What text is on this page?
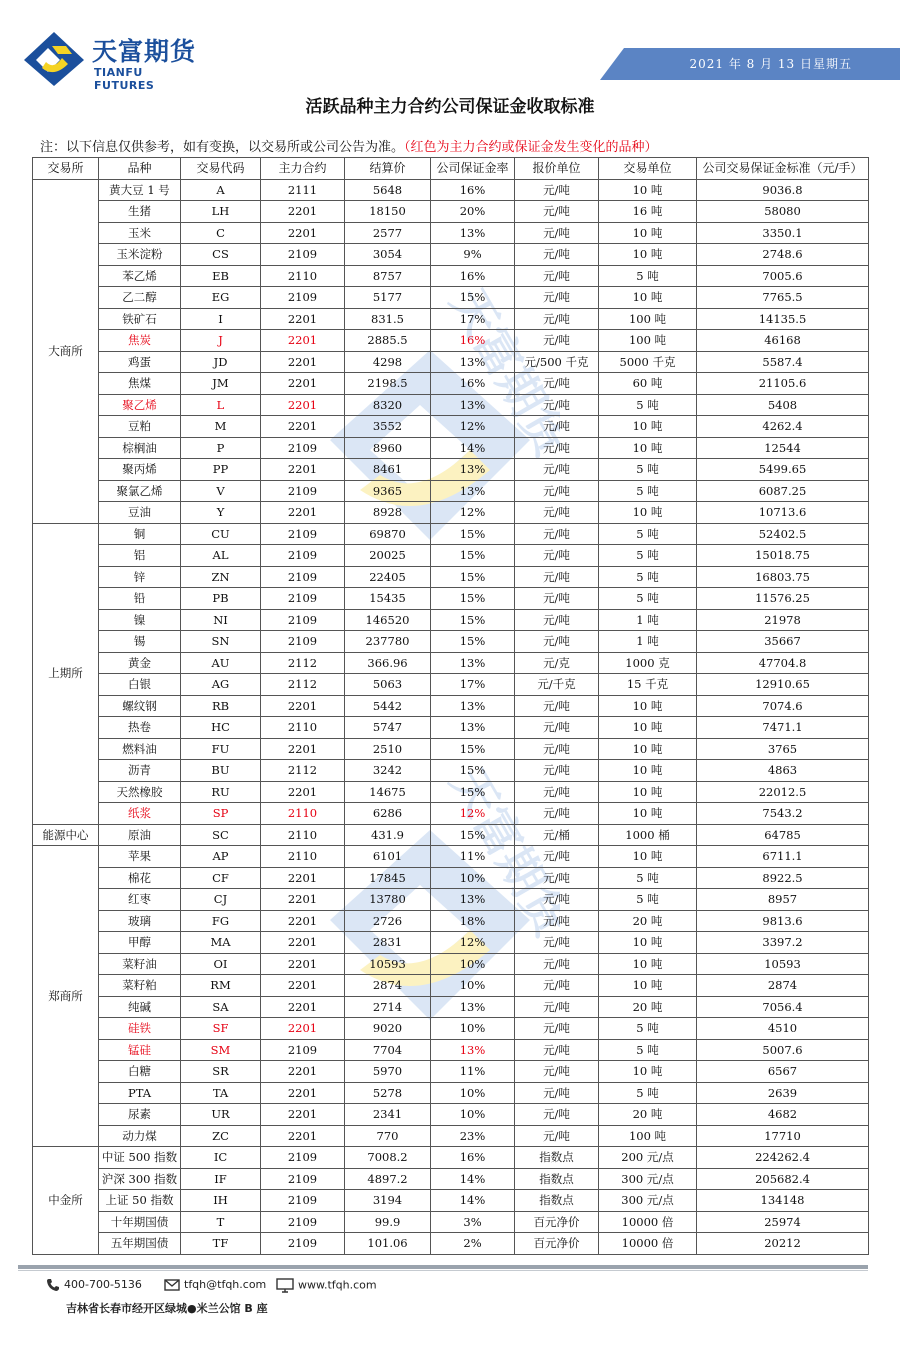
天富期货
TIANFU FUTURES
2021 年 8 月 13 日星期五
活跃品种主力合约公司保证金收取标准
注：以下信息仅供参考，如有变换，以交易所或公司公告为准。（红色为主力合约或保证金发生变化的品种）
天富期货
天富期货
交易所	品种	交易代码	主力合约	结算价	公司保证金率	报价单位	交易单位	公司交易保证金标准（元/手）
大商所	黄大豆 1 号	A	2111	5648	16%	元/吨	10 吨	9036.8
	生猪	LH	2201	18150	20%	元/吨	16 吨	58080
	玉米	C	2201	2577	13%	元/吨	10 吨	3350.1
	玉米淀粉	CS	2109	3054	9%	元/吨	10 吨	2748.6
	苯乙烯	EB	2110	8757	16%	元/吨	5 吨	7005.6
	乙二醇	EG	2109	5177	15%	元/吨	10 吨	7765.5
	铁矿石	I	2201	831.5	17%	元/吨	100 吨	14135.5
	焦炭	J	2201	2885.5	16%	元/吨	100 吨	46168
	鸡蛋	JD	2201	4298	13%	元/500 千克	5000 千克	5587.4
	焦煤	JM	2201	2198.5	16%	元/吨	60 吨	21105.6
	聚乙烯	L	2201	8320	13%	元/吨	5 吨	5408
	豆粕	M	2201	3552	12%	元/吨	10 吨	4262.4
	棕榈油	P	2109	8960	14%	元/吨	10 吨	12544
	聚丙烯	PP	2201	8461	13%	元/吨	5 吨	5499.65
	聚氯乙烯	V	2109	9365	13%	元/吨	5 吨	6087.25
	豆油	Y	2201	8928	12%	元/吨	10 吨	10713.6
上期所	铜	CU	2109	69870	15%	元/吨	5 吨	52402.5
	铝	AL	2109	20025	15%	元/吨	5 吨	15018.75
	锌	ZN	2109	22405	15%	元/吨	5 吨	16803.75
	铅	PB	2109	15435	15%	元/吨	5 吨	11576.25
	镍	NI	2109	146520	15%	元/吨	1 吨	21978
	锡	SN	2109	237780	15%	元/吨	1 吨	35667
	黄金	AU	2112	366.96	13%	元/克	1000 克	47704.8
	白银	AG	2112	5063	17%	元/千克	15 千克	12910.65
	螺纹钢	RB	2201	5442	13%	元/吨	10 吨	7074.6
	热卷	HC	2110	5747	13%	元/吨	10 吨	7471.1
	燃料油	FU	2201	2510	15%	元/吨	10 吨	3765
	沥青	BU	2112	3242	15%	元/吨	10 吨	4863
	天然橡胶	RU	2201	14675	15%	元/吨	10 吨	22012.5
	纸浆	SP	2110	6286	12%	元/吨	10 吨	7543.2
能源中心	原油	SC	2110	431.9	15%	元/桶	1000 桶	64785
郑商所	苹果	AP	2110	6101	11%	元/吨	10 吨	6711.1
	棉花	CF	2201	17845	10%	元/吨	5 吨	8922.5
	红枣	CJ	2201	13780	13%	元/吨	5 吨	8957
	玻璃	FG	2201	2726	18%	元/吨	20 吨	9813.6
	甲醇	MA	2201	2831	12%	元/吨	10 吨	3397.2
	菜籽油	OI	2201	10593	10%	元/吨	10 吨	10593
	菜籽粕	RM	2201	2874	10%	元/吨	10 吨	2874
	纯碱	SA	2201	2714	13%	元/吨	20 吨	7056.4
	硅铁	SF	2201	9020	10%	元/吨	5 吨	4510
	锰硅	SM	2109	7704	13%	元/吨	5 吨	5007.6
	白糖	SR	2201	5970	11%	元/吨	10 吨	6567
	PTA	TA	2201	5278	10%	元/吨	5 吨	2639
	尿素	UR	2201	2341	10%	元/吨	20 吨	4682
	动力煤	ZC	2201	770	23%	元/吨	100 吨	17710
中金所	中证 500 指数	IC	2109	7008.2	16%	指数点	200 元/点	224262.4
	沪深 300 指数	IF	2109	4897.2	14%	指数点	300 元/点	205682.4
	上证 50 指数	IH	2109	3194	14%	指数点	300 元/点	134148
	十年期国债	T	2109	99.9	3%	百元净价	10000 倍	25974
	五年期国债	TF	2109	101.06	2%	百元净价	10000 倍	20212
400-700-5136	tfqh@tfqh.com	www.tfqh.com
吉林省长春市经开区绿城●米兰公馆 B 座
